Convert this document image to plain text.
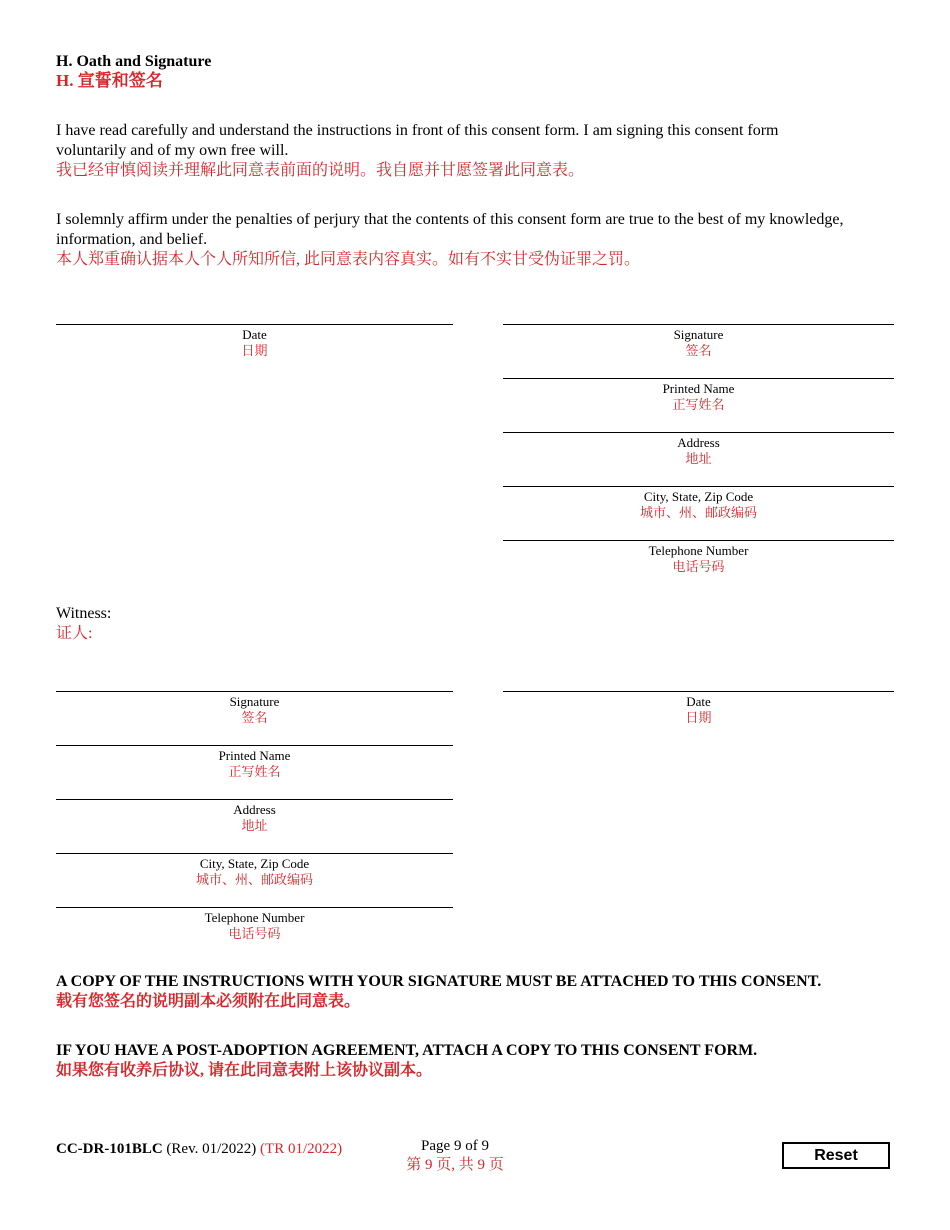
H. Oath and Signature
H. 宣誓和签名
I have read carefully and understand the instructions in front of this consent form. I am signing this consent form voluntarily and of my own free will.
我已经审慎阅读并理解此同意表前面的说明。我自愿并甘愿签署此同意表。
I solemnly affirm under the penalties of perjury that the contents of this consent form are true to the best of my knowledge, information, and belief.
本人郑重确认据本人个人所知所信, 此同意表内容真实。如有不实甘受伪证罪之罚。
Date
日期
Signature
签名
Printed Name
正写姓名
Address
地址
City, State, Zip Code
城市、州、邮政编码
Telephone Number
电话号码
Witness:
证人:
Signature
签名
Printed Name
正写姓名
Address
地址
City, State, Zip Code
城市、州、邮政编码
Telephone Number
电话号码
Date
日期
A COPY OF THE INSTRUCTIONS WITH YOUR SIGNATURE MUST BE ATTACHED TO THIS CONSENT.
载有您签名的说明副本必须附在此同意表。
IF YOU HAVE A POST-ADOPTION AGREEMENT, ATTACH A COPY TO THIS CONSENT FORM.
如果您有收养后协议, 请在此同意表附上该协议副本。
CC-DR-101BLC (Rev. 01/2022) (TR 01/2022)	Page 9 of 9
第 9 页, 共 9 页
Reset
